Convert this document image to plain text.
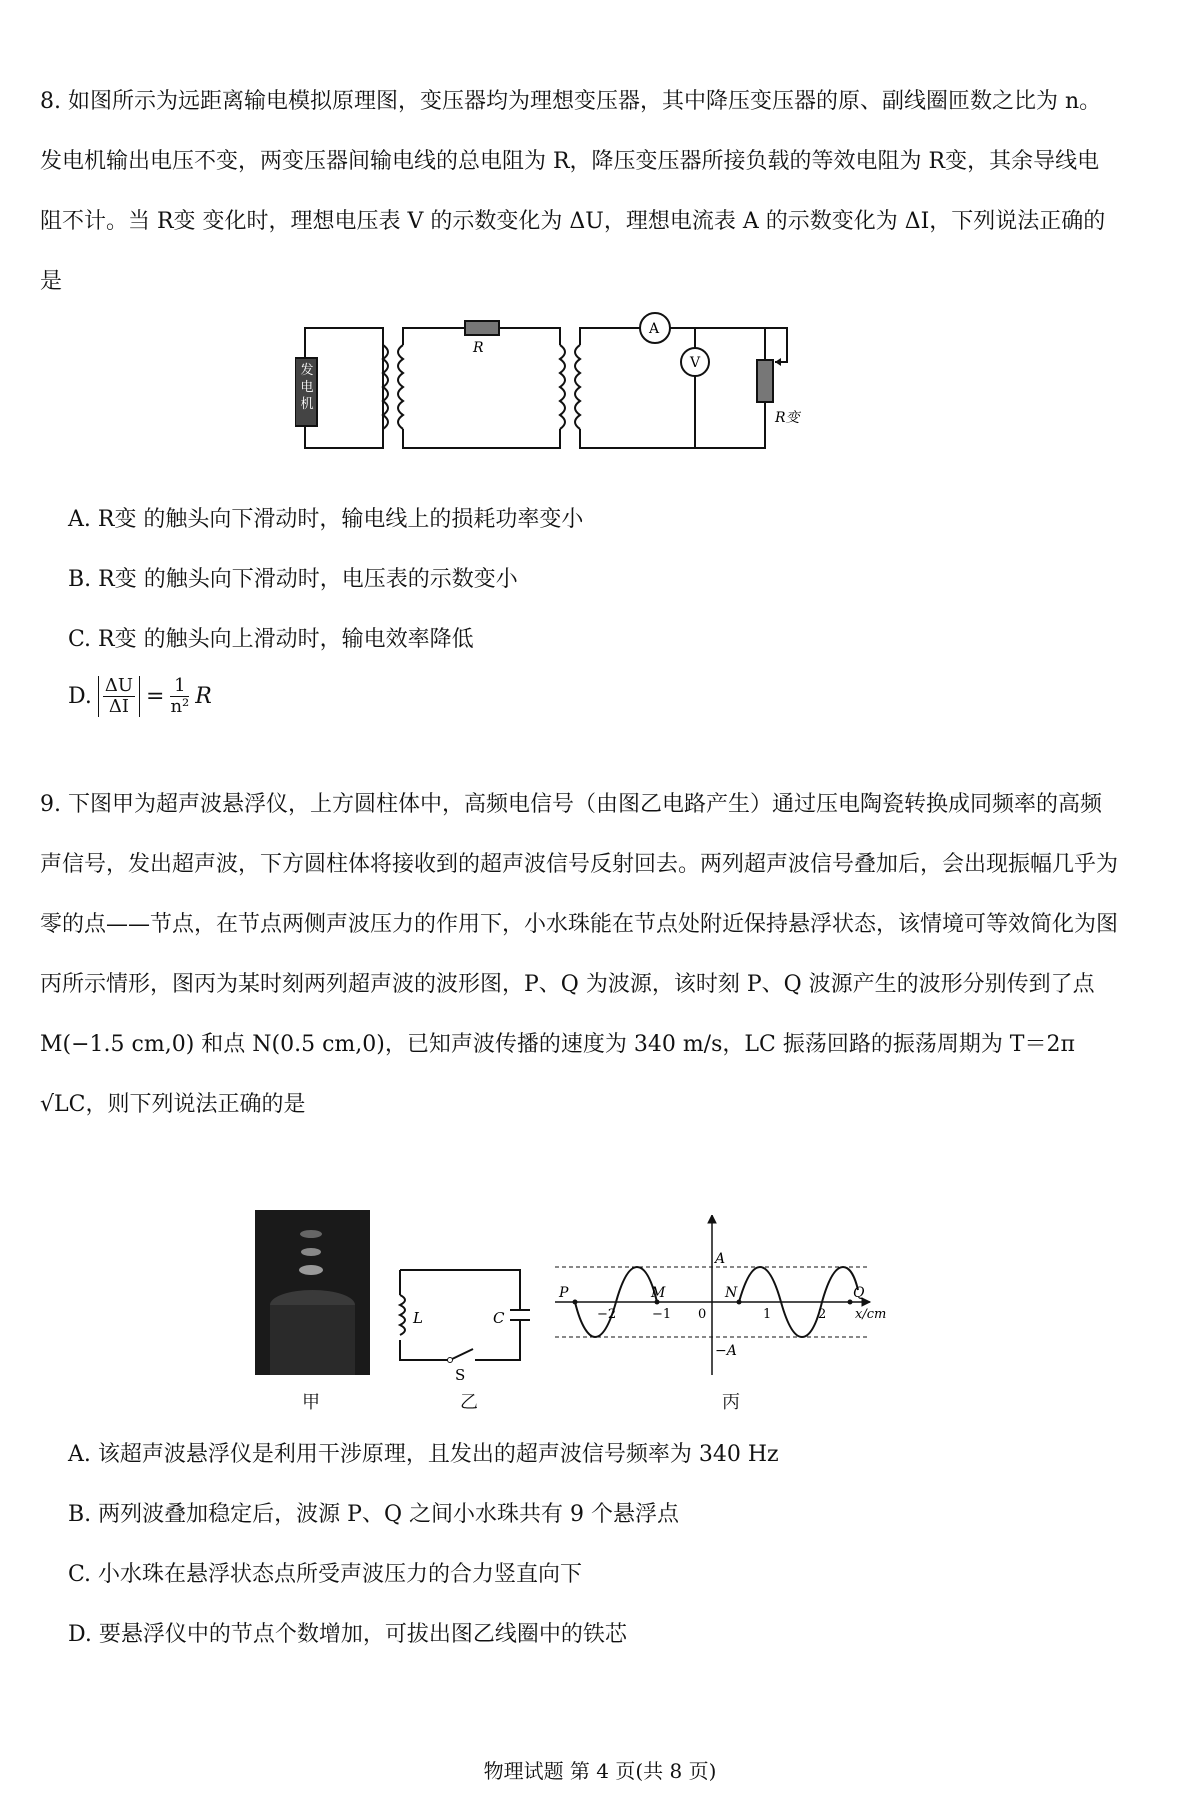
8. 如图所示为远距离输电模拟原理图，变压器均为理想变压器，其中降压变压器的原、副线圈匝数之比为 n。发电机输出电压不变，两变压器间输电线的总电阻为 R，降压变压器所接负载的等效电阻为 R变，其余导线电阻不计。当 R变 变化时，理想电压表 V 的示数变化为 ΔU，理想电流表 A 的示数变化为 ΔI，下列说法正确的是

R
A
V
R变
发电机
A. R变 的触头向下滑动时，输电线上的损耗功率变小
B. R变 的触头向下滑动时，电压表的示数变小
C. R变 的触头向上滑动时，输电效率降低
D. $\frac{\Delta U}{\Delta I} = \frac{1}{\text{n²}}$ R

9. 下图甲为超声波悬浮仪，上方圆柱体中，高频电信号（由图乙电路产生）通过压电陶瓷转换成同频率的高频声信号，发出超声波，下方圆柱体将接收到的超声波信号反射回去。两列超声波信号叠加后，会出现振幅几乎为零的点——节点，在节点两侧声波压力的作用下，小水珠能在节点处附近保持悬浮状态，该情境可等效简化为图丙所示情形，图丙为某时刻两列超声波的波形图，P、Q 为波源，该时刻 P、Q 波源产生的波形分别传到了点 M(−1.5 cm,0) 和点 N(0.5 cm,0)，已知声波传播的速度为 340 m/s，LC 振荡回路的振荡周期为 T＝2π √LC，则下列说法正确的是

甲
L	C
S
乙
A
−A
P	M	N	Q
−2	−1 0	1	2 x/cm
丙
A. 该超声波悬浮仪是利用干涉原理，且发出的超声波信号频率为 340 Hz
B. 两列波叠加稳定后，波源 P、Q 之间小水珠共有 9 个悬浮点
C. 小水珠在悬浮状态点所受声波压力的合力竖直向下
D. 要悬浮仪中的节点个数增加，可拔出图乙线圈中的铁芯
物理试题 第 4 页(共 8 页)
